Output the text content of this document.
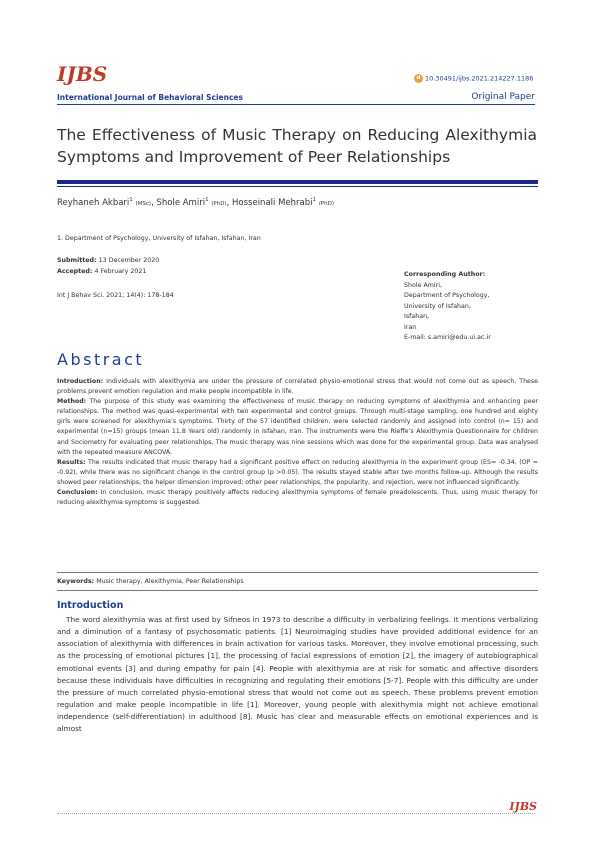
IJBS	d 10.30491/ijbs.2021.214227.1186
International Journal of Behavioral Sciences	Original Paper
The Effectiveness of Music Therapy on Reducing Alexithymia Symptoms and Improvement of Peer Relationships
Reyhaneh Akbari$^1$ (MSc), Shole Amiri$^1$ (PhD), Hosseinali Mehrabi$^1$ (PhD)
1. Department of Psychology, University of Isfahan, Isfahan, Iran
Submitted: 13 December 2020
Accepted: 4 February 2021
Int J Behav Sci. 2021; 14(4): 178-184
Corresponding Author:
Shole Amiri,
Department of Psychology,
University of Isfahan,
Isfahan,
Iran
E-mail: s.amiri@edu.ui.ac.ir
Abstract

Introduction: Individuals with alexithymia are under the pressure of correlated physio-emotional stress that would not come out as speech. These problems prevent emotion regulation and make people incompatible in life.

Method: The purpose of this study was examining the effectiveness of music therapy on reducing symptoms of alexithymia and enhancing peer relationships. The method was quasi-experimental with two experimental and control groups. Through multi-stage sampling, one hundred and eighty girls were screened for alexithymia’s symptoms. Thirty of the 57 identified children, were selected randomly and assigned into control (n= 15) and experimental (n=15) groups (mean 11.8 Years old) randomly in Isfahan, Iran. The instruments were the Rieffe’s Alexithymia Questionnaire for children and Sociometry for evaluating peer relationships. The music therapy was nine sessions which was done for the experimental group. Data was analysed with the repeated measure ANCOVA.

Results: The results indicated that music therapy had a significant positive effect on reducing alexithymia in the experiment group (ES= -0.34, (OP = -0.92), while there was no significant change in the control group (p >0.05). The results stayed stable after two months follow-up. Although the results showed peer relationships, the helper dimension improved; other peer relationships, the popularity, and rejection, were not influenced significantly.

Conclusion: In conclusion, music therapy positively affects reducing alexithymia symptoms of female preadolescents. Thus, using music therapy for reducing alexithymia symptoms is suggested.

Keywords: Music therapy, Alexithymia, Peer Relationships
Introduction

The word alexithymia was at first used by Sifneos in 1973 to describe a difficulty in verbalizing feelings. It mentions verbalizing and a diminution of a fantasy of psychosomatic patients. [1] Neuroimaging studies have provided additional evidence for an association of alexithymia with differences in brain activation for various tasks. Moreover, they involve emotional processing, such as the processing of emotional pictures [1], the processing of facial expressions of emotion [2], the imagery of autobiographical emotional events [3] and during empathy for pain [4]. People with alexithymia are at risk for somatic and affective disorders because these individuals have difficulties in recognizing and regulating their emotions [5-7]. People with this difficulty are under the pressure of much correlated physio-emotional stress that would not come out as speech. These problems prevent emotion regulation and make people incompatible in life [1]. Moreover, young people with alexithymia might not achieve emotional independence (self-differentiation) in adulthood [8]. Music has clear and measurable effects on emotional experiences and is almost

IJBS
